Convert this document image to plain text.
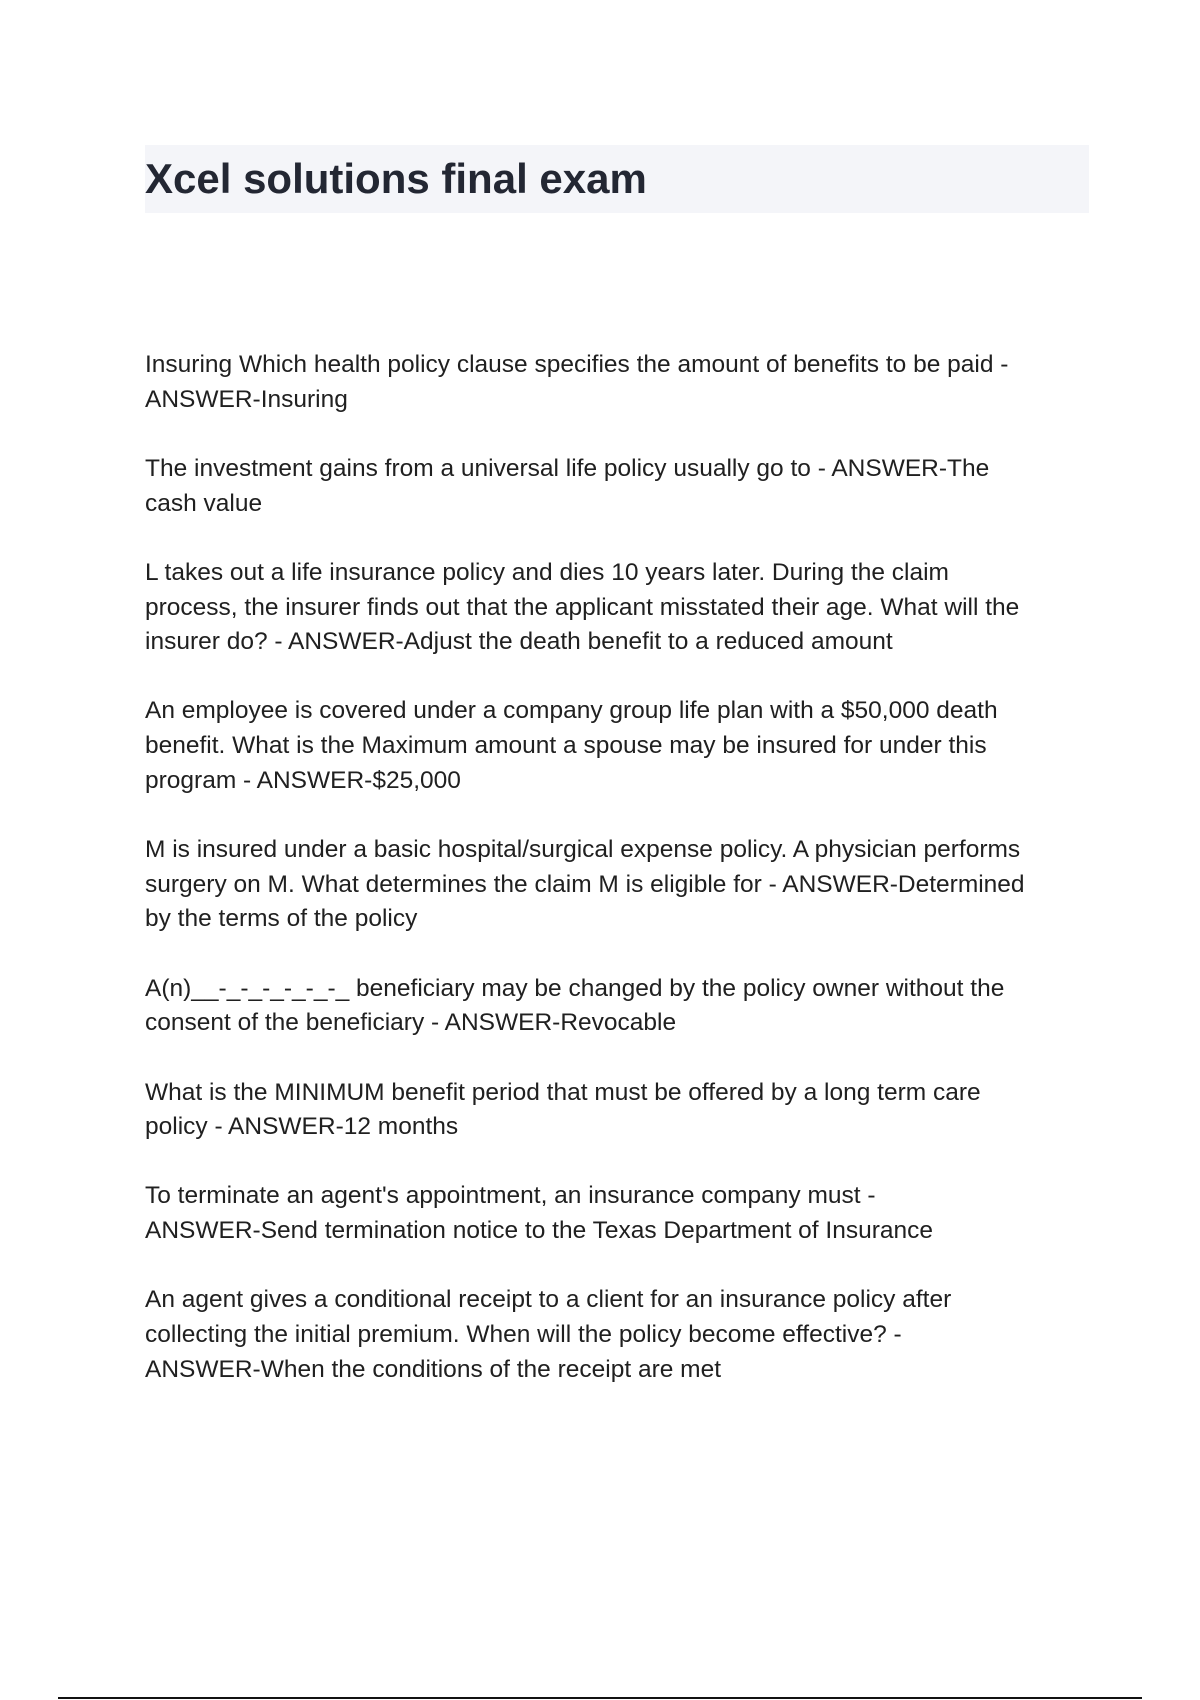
Xcel solutions final exam

Insuring Which health policy clause specifies the amount of benefits to be paid -
ANSWER-Insuring

The investment gains from a universal life policy usually go to - ANSWER-The
cash value

L takes out a life insurance policy and dies 10 years later. During the claim
process, the insurer finds out that the applicant misstated their age. What will the
insurer do? - ANSWER-Adjust the death benefit to a reduced amount

An employee is covered under a company group life plan with a $50,000 death
benefit. What is the Maximum amount a spouse may be insured for under this
program - ANSWER-$25,000

M is insured under a basic hospital/surgical expense policy. A physician performs
surgery on M. What determines the claim M is eligible for - ANSWER-Determined
by the terms of the policy

A(n)__-_-_-_-_-_-_ beneficiary may be changed by the policy owner without the
consent of the beneficiary - ANSWER-Revocable

What is the MINIMUM benefit period that must be offered by a long term care
policy - ANSWER-12 months

To terminate an agent's appointment, an insurance company must -
ANSWER-Send termination notice to the Texas Department of Insurance

An agent gives a conditional receipt to a client for an insurance policy after
collecting the initial premium. When will the policy become effective? -
ANSWER-When the conditions of the receipt are met
